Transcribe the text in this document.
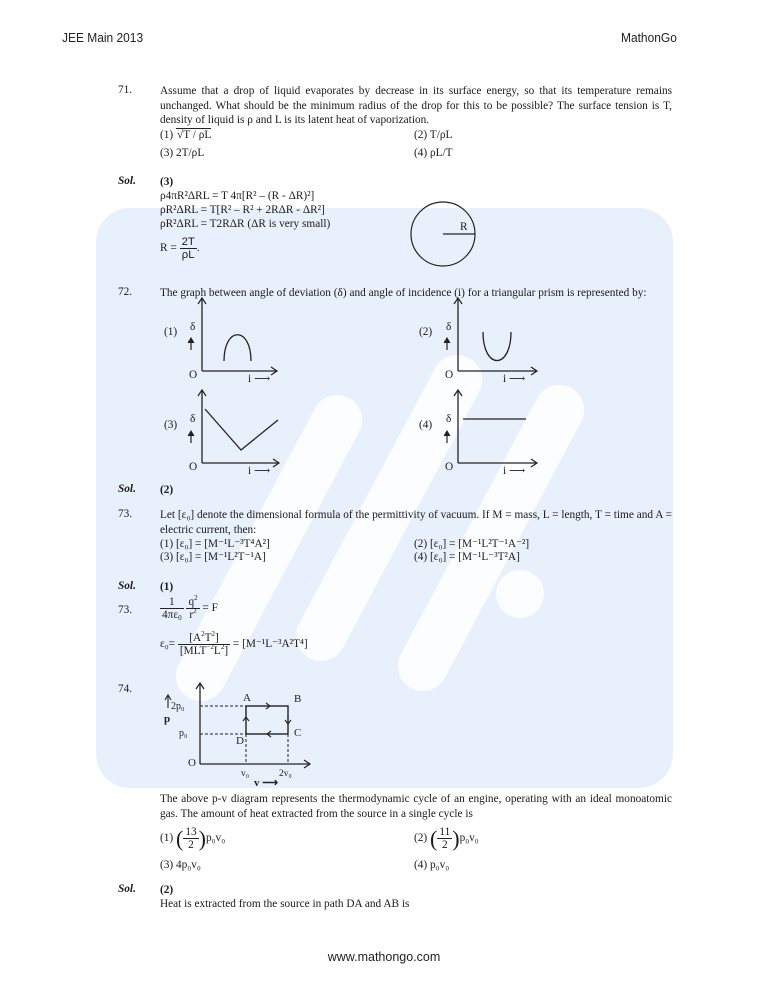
JEE Main 2013	MathonGo
71. Assume that a drop of liquid evaporates by decrease in its surface energy, so that its temperature remains unchanged. What should be the minimum radius of the drop for this to be possible? The surface tension is T, density of liquid is ρ and L is its latent heat of vaporization.
(1) √T / ρL	(2) T/ρL
(3) 2T/ρL	(4) ρL/T
Sol. (3)
ρ4πR²ΔRL = T 4π[R² – (R - ΔR)²]
ρR²ΔRL = T[R² – R² + 2RΔR - ΔR²]
ρR²ΔRL = T2RΔR (ΔR is very small)
$R = \frac{2T}{\rho L}$ .
R
72. The graph between angle of deviation (δ) and angle of incidence (i) for a triangular prism is represented by:
(1) δ
O	i ⟶
(2) δ
O	i ⟶
(3) δ
O	i ⟶
(4) δ
O	i ⟶
Sol. (2)
73. Let [ε₀] denote the dimensional formula of the permittivity of vacuum. If M = mass, L = length, T = time and A = electric current, then:
(1) [ε₀] = [M⁻¹L⁻³T⁴A²]	(2) [ε₀] = [M⁻¹L²T⁻¹A⁻²]
(3) [ε₀] = [M⁻¹L²T⁻¹A]	(4) [ε₀] = [M⁻¹L⁻³T²A]
Sol. (1)
73. $\frac{1}{4\pi\varepsilon_0}$
$\frac{q^2}{r^2} = F$
$\varepsilon_0= \frac{[A^2T^2]}{[MLT^{-2}L^2]} = [M^{-1}L^{-3}A^2T^4]$
74.
p
A	B
C
D
2p₀
p₀
O
v₀	2v₀
v ⟶
The above p-v diagram represents the thermodynamic cycle of an engine, operating with an ideal monoatomic gas. The amount of heat extracted from the source in a single cycle is
(1) ( $\frac{13}{2} )p_0v_0$	(2) ( $\frac{11}{2} )p_0v_0$
(3) 4p₀v₀	(4) p₀v₀
Sol. (2)
Heat is extracted from the source in path DA and AB is
www.mathongo.com
